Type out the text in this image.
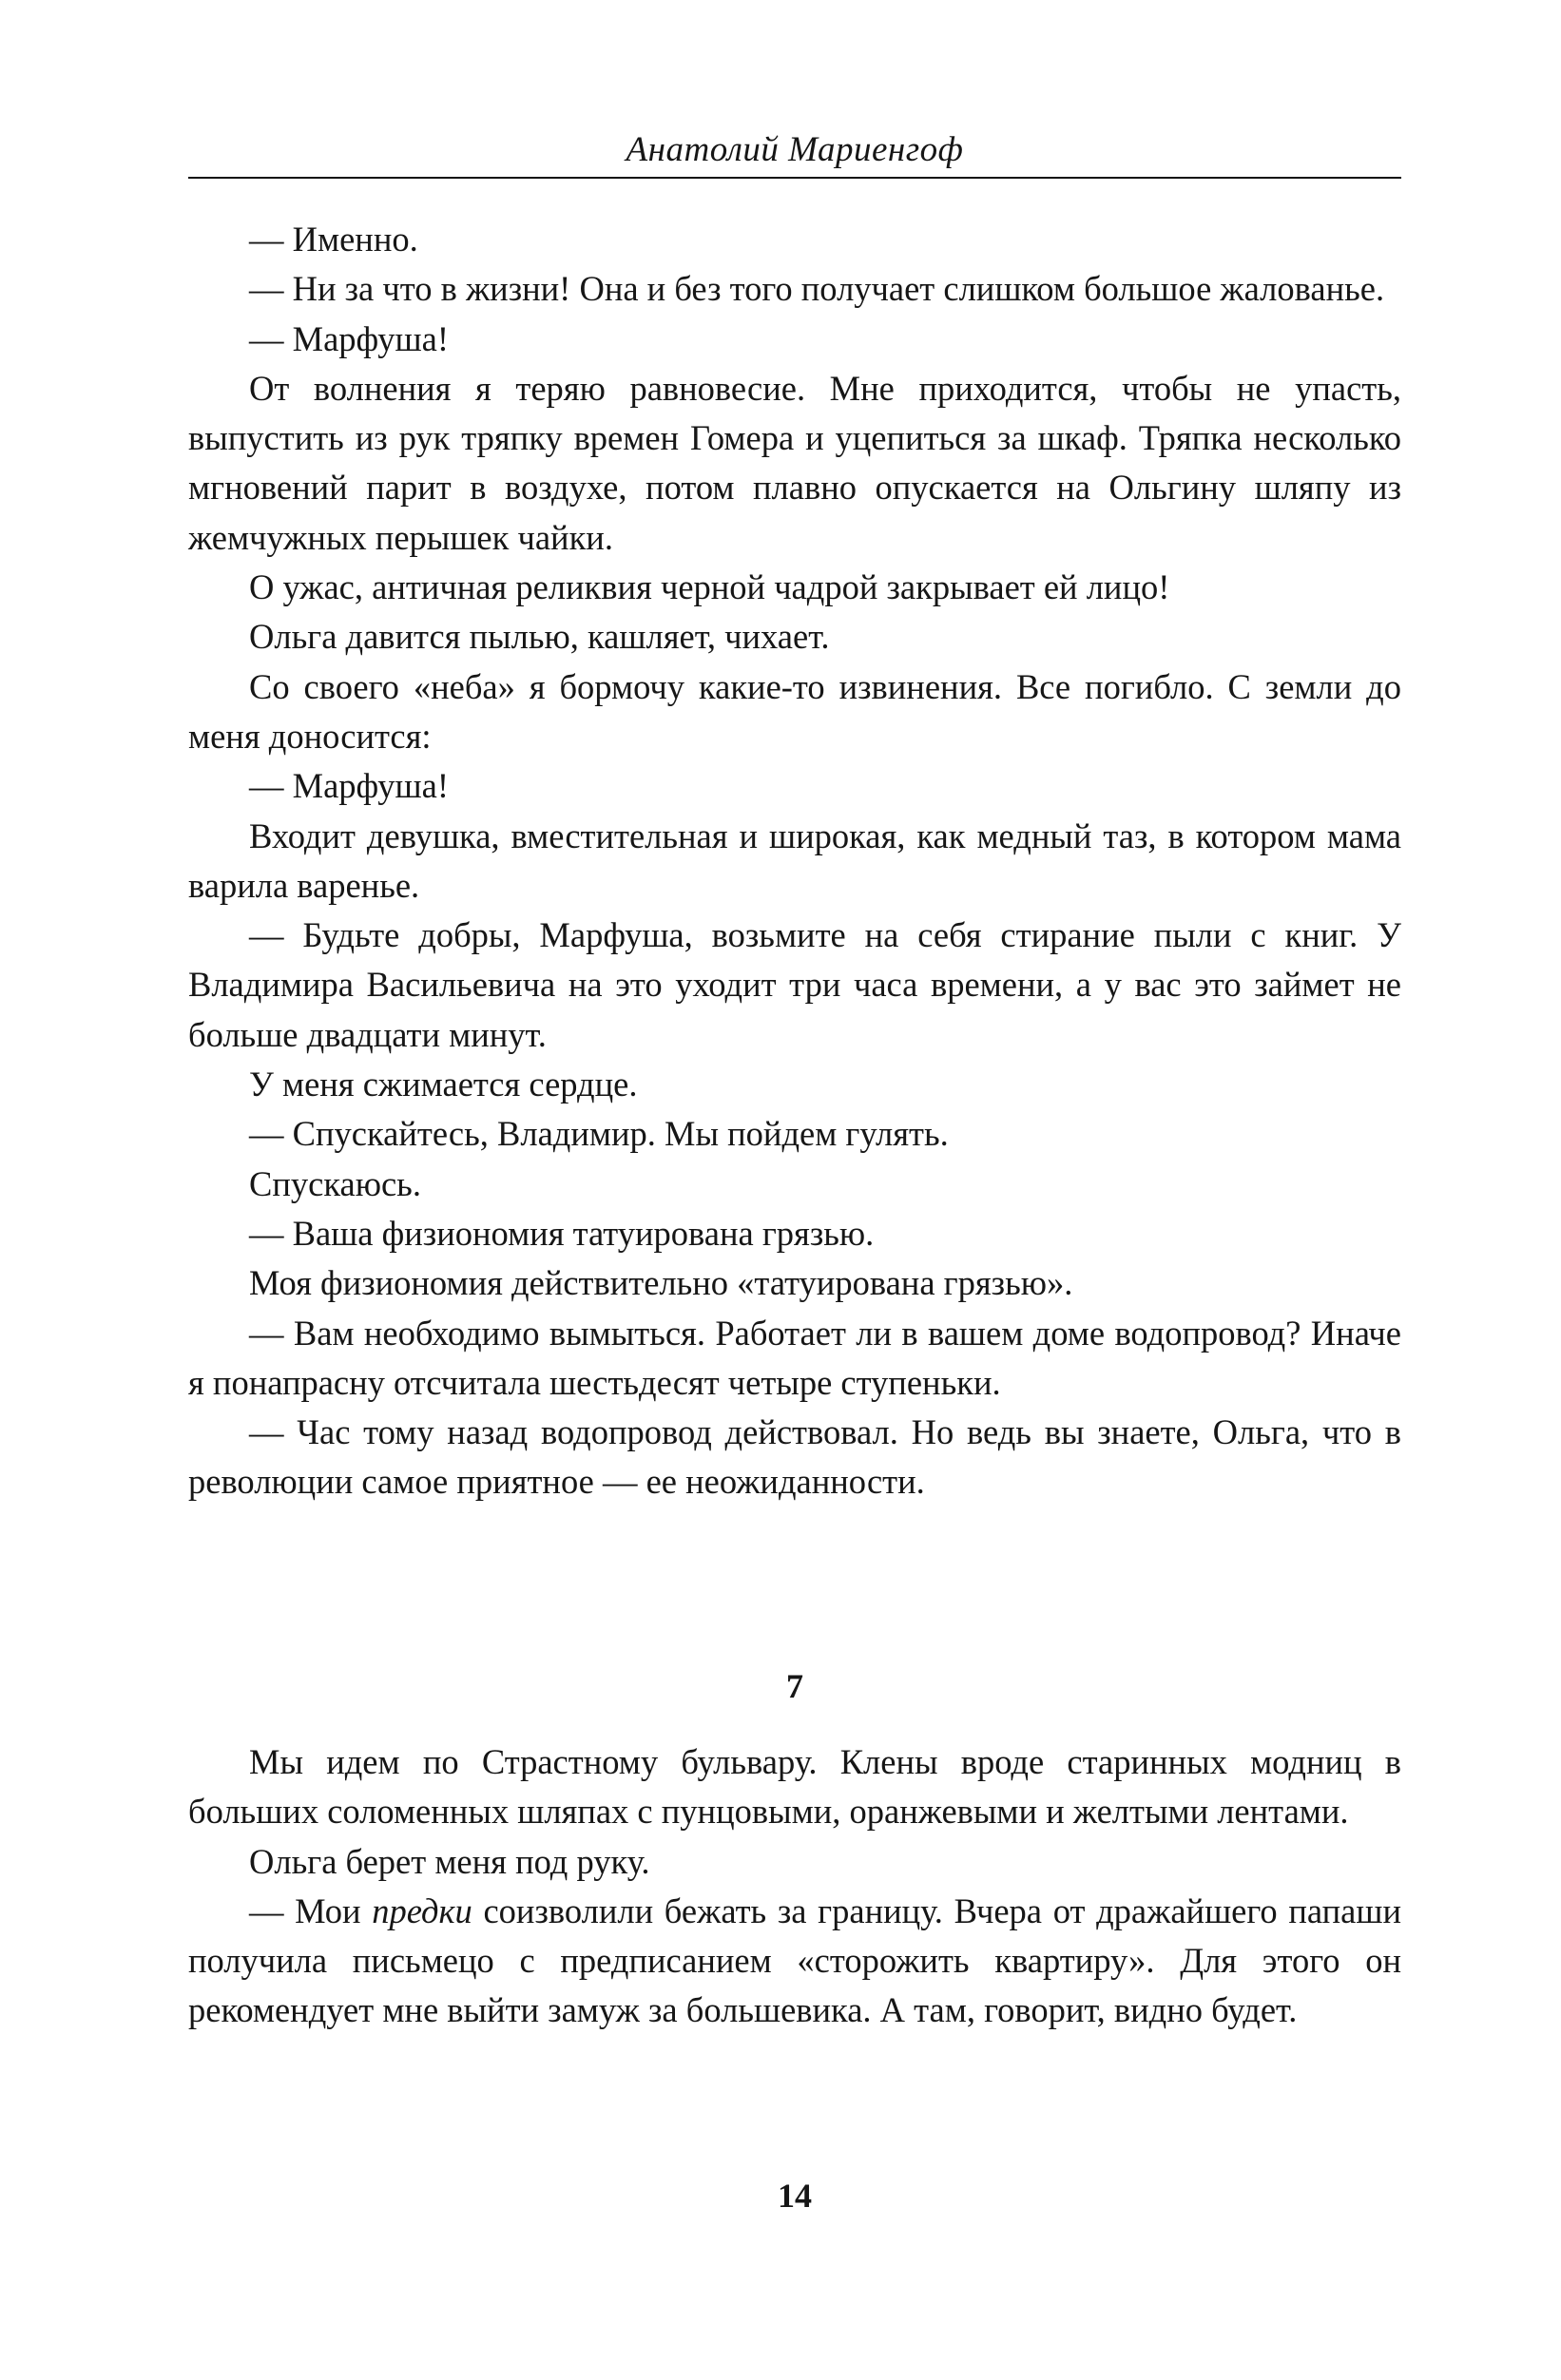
Анатолий Мариенгоф

— Именно.

— Ни за что в жизни! Она и без того получает слишком большое жалованье.

— Марфуша!

От волнения я теряю равновесие. Мне приходится, чтобы не упасть, выпустить из рук тряпку времен Гомера и уцепиться за шкаф. Тряпка несколько мгновений парит в воздухе, потом плавно опускается на Ольгину шляпу из жемчужных перышек чайки.

О ужас, античная реликвия черной чадрой закрывает ей лицо!

Ольга давится пылью, кашляет, чихает.

Со своего «неба» я бормочу какие-то извинения. Все погибло. С земли до меня доносится:

— Марфуша!

Входит девушка, вместительная и широкая, как медный таз, в котором мама варила варенье.

— Будьте добры, Марфуша, возьмите на себя стирание пыли с книг. У Владимира Васильевича на это уходит три часа времени, а у вас это займет не больше двадцати минут.

У меня сжимается сердце.

— Спускайтесь, Владимир. Мы пойдем гулять.

Спускаюсь.

— Ваша физиономия татуирована грязью.

Моя физиономия действительно «татуирована грязью».

— Вам необходимо вымыться. Работает ли в вашем доме водопровод? Иначе я понапрасну отсчитала шестьдесят четыре ступеньки.

— Час тому назад водопровод действовал. Но ведь вы знаете, Ольга, что в революции самое приятное — ее неожиданности.

7

Мы идем по Страстному бульвару. Клены вроде старинных модниц в больших соломенных шляпах с пунцовыми, оранжевыми и желтыми лентами.

Ольга берет меня под руку.

— Мои предки соизволили бежать за границу. Вчера от дражайшего папаши получила письмецо с предписанием «сторожить квартиру». Для этого он рекомендует мне выйти замуж за большевика. А там, говорит, видно будет.

14
